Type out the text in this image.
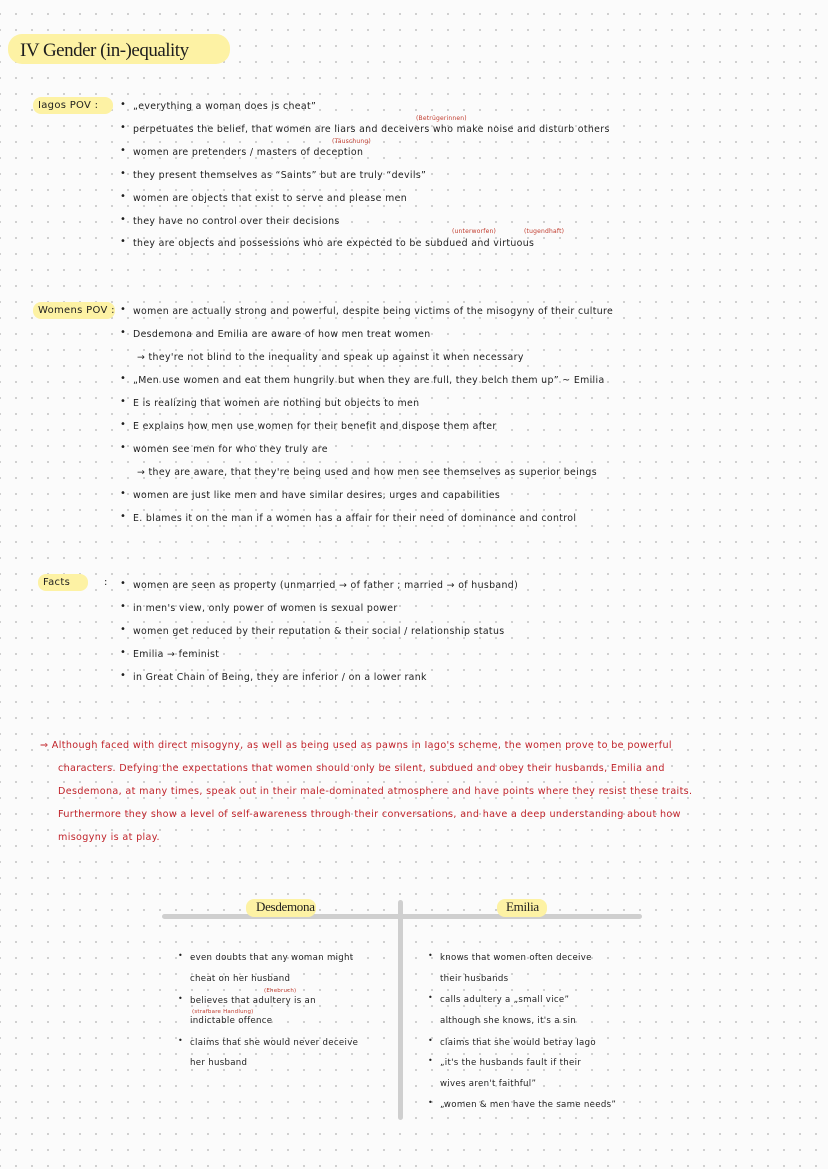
IV Gender (in-)equality
Iagos POV : • „everything a woman does is cheat”
(Betrügerinnen)
• perpetuates the belief, that women are liars and deceivers who make noise and disturb others
(Täuschung)
• women are pretenders / masters of deception
• they present themselves as “Saints” but are truly “devils”
• women are objects that exist to serve and please men
• they have no control over their decisions
(unterworfen)	(tugendhaft)
• they are objects and possessions who are expected to be subdued and virtuous
Womens POV : • women are actually strong and powerful, despite being victims of the misogyny of their culture
• Desdemona and Emilia are aware of how men treat women
→ they're not blind to the inequality and speak up against it when necessary
• „Men use women and eat them hungrily but when they are full, they belch them up” ~ Emilia
• E is realizing that women are nothing but objects to men
• E explains how men use women for their benefit and dispose them after
• women see men for who they truly are
→ they are aware, that they're being used and how men see themselves as superior beings
• women are just like men and have similar desires, urges and capabilities
• E. blames it on the man if a women has a affair for their need of dominance and control
Facts	: • women are seen as property (unmarried → of father ; married → of husband)
• in men's view, only power of women is sexual power
• women get reduced by their reputation & their social / relationship status
• Emilia → feminist
• in Great Chain of Being, they are inferior / on a lower rank
⇒ Although faced with direct misogyny, as well as being used as pawns in Iago's scheme, the women prove to be powerful
characters. Defying the expectations that women should only be silent, subdued and obey their husbands, Emilia and
Desdemona, at many times, speak out in their male-dominated atmosphere and have points where they resist these traits.
Furthermore they show a level of self-awareness through their conversations, and have a deep understanding about how
misogyny is at play.
Desdemona	Emilia
• even doubts that any woman might
cheat on her husband
(Ehebruch)
• believes that adultery is an
(strafbare Handlung)
indictable offence
• claims that she would never deceive
her husband
• knows that women often deceive
their husbands
• calls adultery a „small vice”
although she knows, it's a sin
• claims that she would betray Iago
• „it's the husbands fault if their
wives aren't faithful”
• „women & men have the same needs”
